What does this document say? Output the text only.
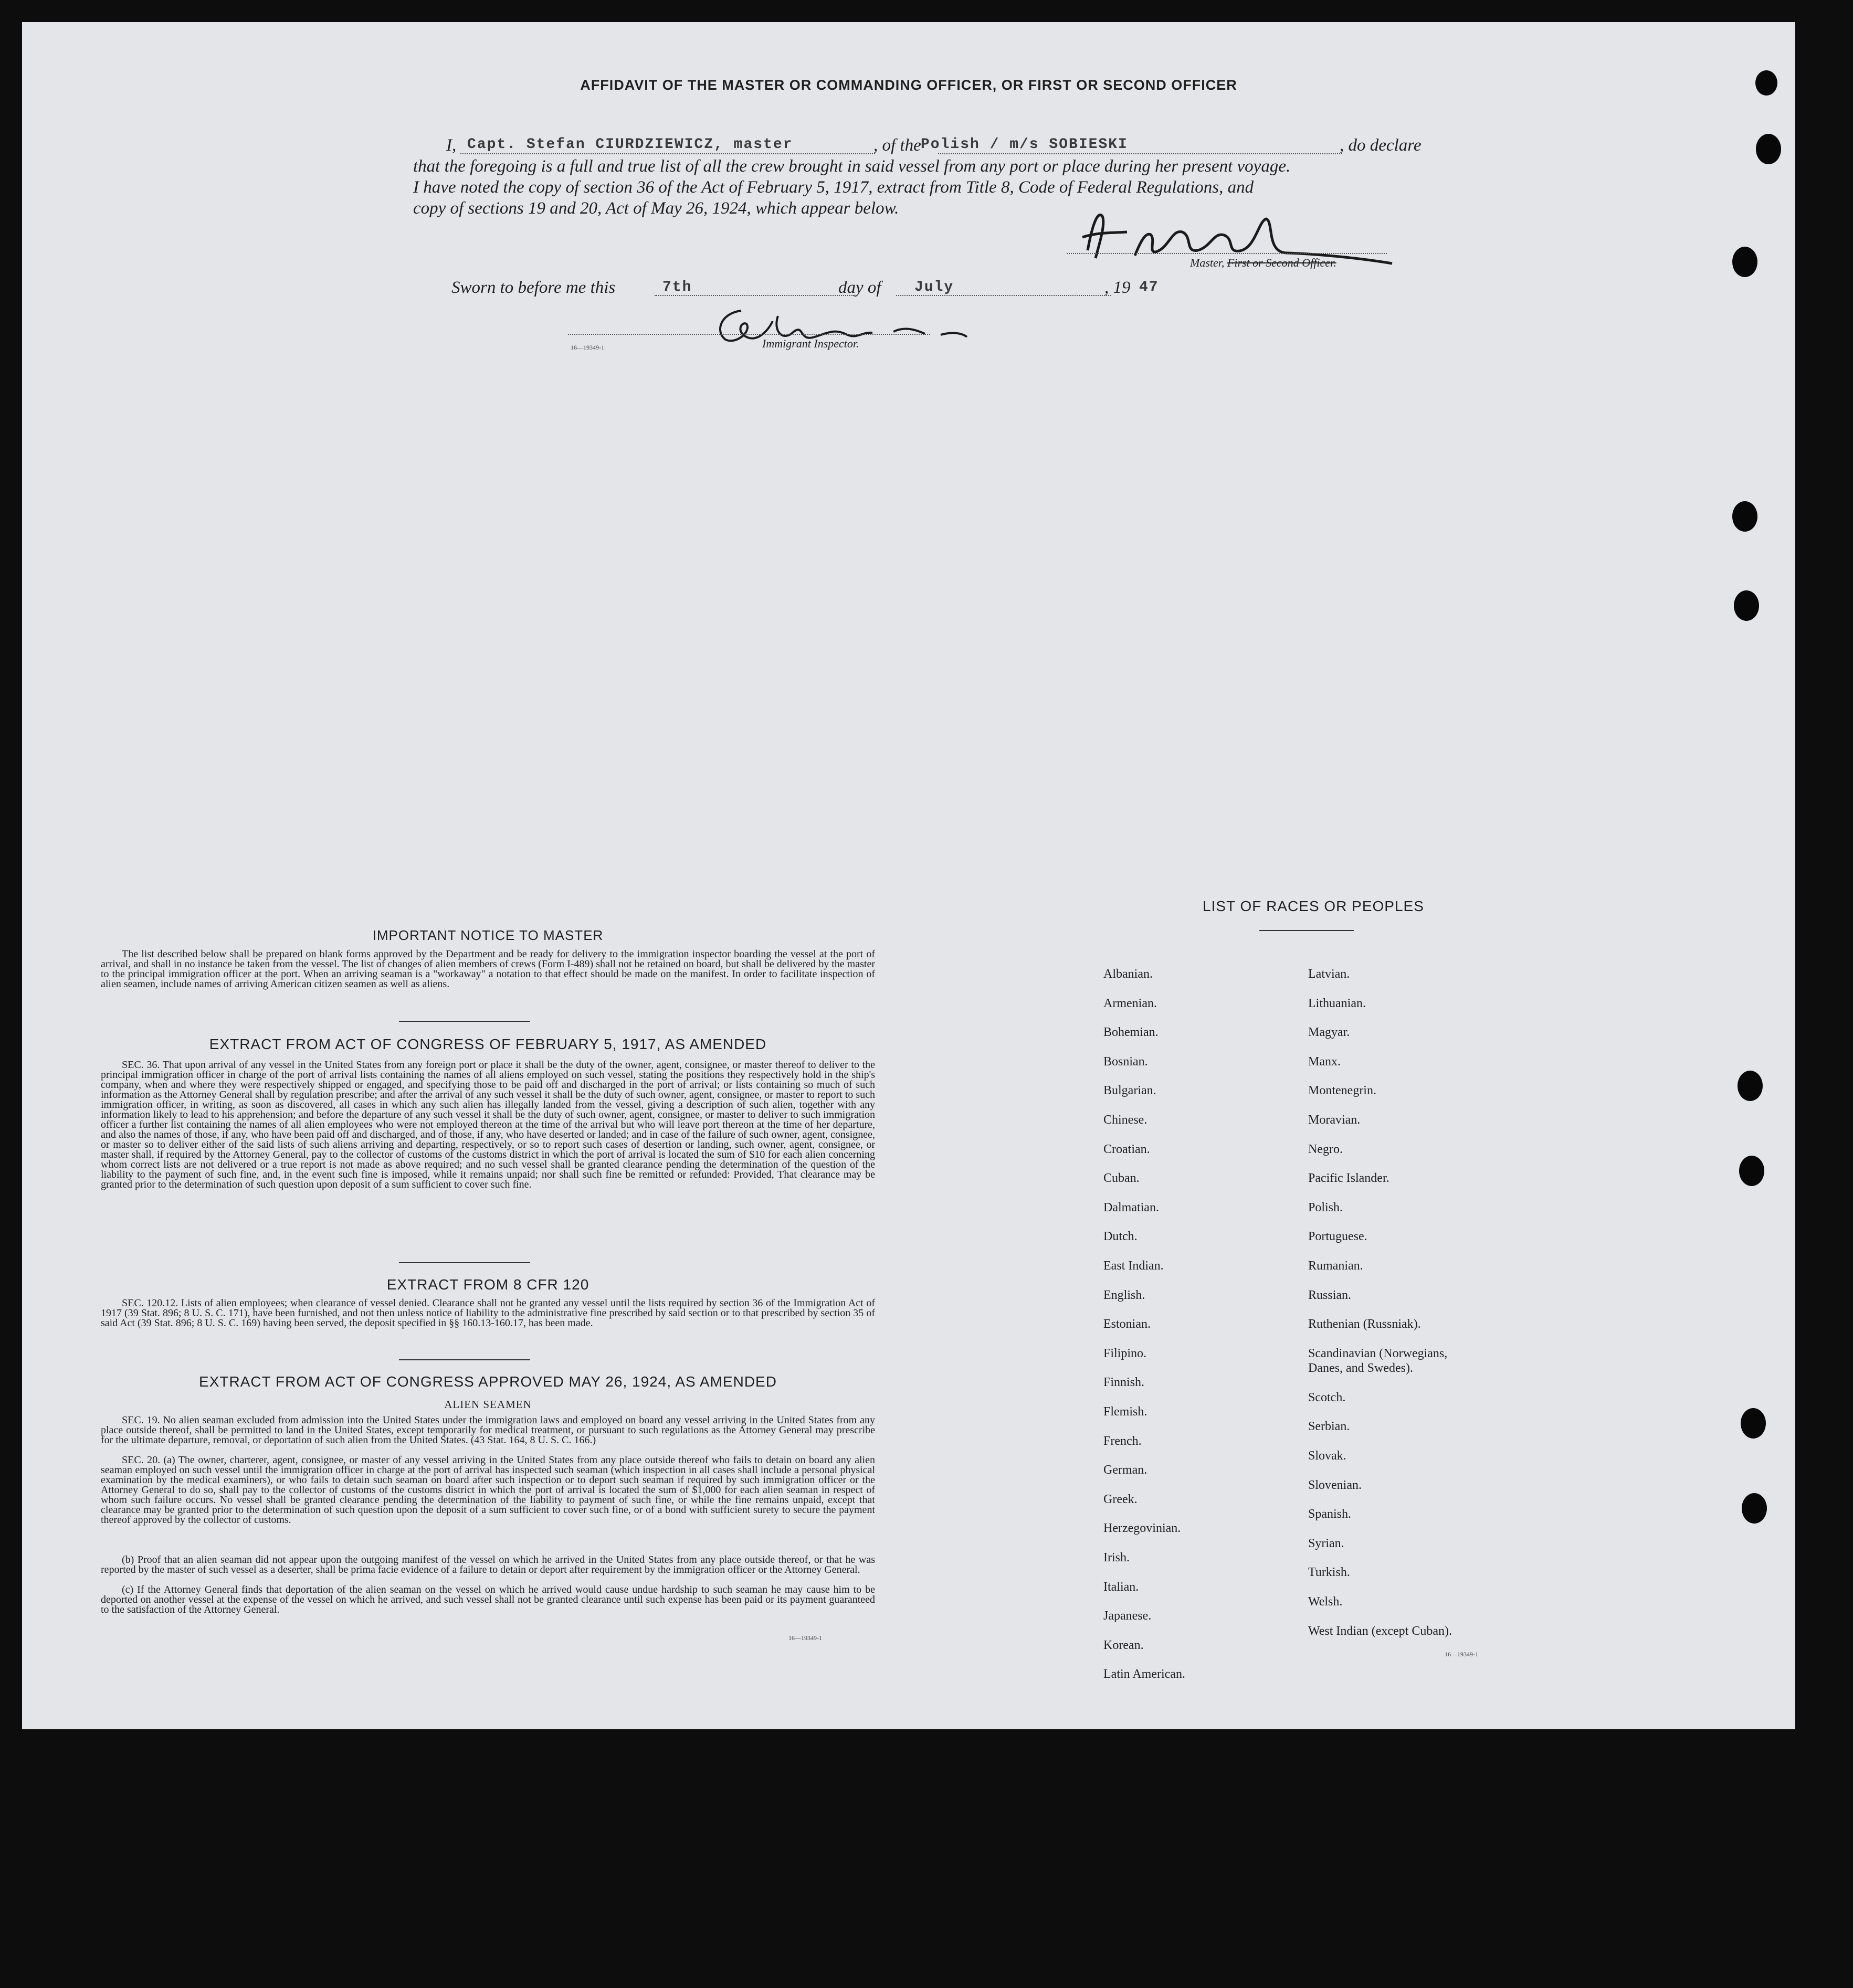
AFFIDAVIT OF THE MASTER OR COMMANDING OFFICER, OR FIRST OR SECOND OFFICER
I, Capt. Stefan CIURDZIEWICZ, master	, of the Polish / m/s SOBIESKI	, do declare
that the foregoing is a full and true list of all the crew brought in said vessel from any port or place during her present voyage.
I have noted the copy of section 36 of the Act of February 5, 1917, extract from Title 8, Code of Federal Regulations, and
copy of sections 19 and 20, Act of May 26, 1924, which appear below.
Master, First or Second Officer.
Sworn to before me this	7th	day of July	, 19 47
16—19349-1	Immigrant Inspector.
IMPORTANT NOTICE TO MASTER
The list described below shall be prepared on blank forms approved by the Department and be ready for delivery to the immigration inspector boarding the vessel at the port of arrival, and shall in no instance be taken from the vessel. The list of changes of alien members of crews (Form I-489) shall not be retained on board, but shall be delivered by the master to the principal immigration officer at the port. When an arriving seaman is a "workaway" a notation to that effect should be made on the manifest. In order to facilitate inspection of alien seamen, include names of arriving American citizen seamen as well as aliens.
EXTRACT FROM ACT OF CONGRESS OF FEBRUARY 5, 1917, AS AMENDED
SEC. 36. That upon arrival of any vessel in the United States from any foreign port or place it shall be the duty of the owner, agent, consignee, or master thereof to deliver to the principal immigration officer in charge of the port of arrival lists containing the names of all aliens employed on such vessel, stating the positions they respectively hold in the ship's company, when and where they were respectively shipped or engaged, and specifying those to be paid off and discharged in the port of arrival; or lists containing so much of such information as the Attorney General shall by regulation prescribe; and after the arrival of any such vessel it shall be the duty of such owner, agent, consignee, or master to report to such immigration officer, in writing, as soon as discovered, all cases in which any such alien has illegally landed from the vessel, giving a description of such alien, together with any information likely to lead to his apprehension; and before the departure of any such vessel it shall be the duty of such owner, agent, consignee, or master to deliver to such immigration officer a further list containing the names of all alien employees who were not employed thereon at the time of the arrival but who will leave port thereon at the time of her departure, and also the names of those, if any, who have been paid off and discharged, and of those, if any, who have deserted or landed; and in case of the failure of such owner, agent, consignee, or master so to deliver either of the said lists of such aliens arriving and departing, respectively, or so to report such cases of desertion or landing, such owner, agent, consignee, or master shall, if required by the Attorney General, pay to the collector of customs of the customs district in which the port of arrival is located the sum of $10 for each alien concerning whom correct lists are not delivered or a true report is not made as above required; and no such vessel shall be granted clearance pending the determination of the question of the liability to the payment of such fine, and, in the event such fine is imposed, while it remains unpaid; nor shall such fine be remitted or refunded: Provided, That clearance may be granted prior to the determination of such question upon deposit of a sum sufficient to cover such fine.
EXTRACT FROM 8 CFR 120
SEC. 120.12. Lists of alien employees; when clearance of vessel denied. Clearance shall not be granted any vessel until the lists required by section 36 of the Immigration Act of 1917 (39 Stat. 896; 8 U. S. C. 171), have been furnished, and not then unless notice of liability to the administrative fine prescribed by said section or to that prescribed by section 35 of said Act (39 Stat. 896; 8 U. S. C. 169) having been served, the deposit specified in §§ 160.13-160.17, has been made.
EXTRACT FROM ACT OF CONGRESS APPROVED MAY 26, 1924, AS AMENDED
ALIEN SEAMEN
SEC. 19. No alien seaman excluded from admission into the United States under the immigration laws and employed on board any vessel arriving in the United States from any place outside thereof, shall be permitted to land in the United States, except temporarily for medical treatment, or pursuant to such regulations as the Attorney General may prescribe for the ultimate departure, removal, or deportation of such alien from the United States. (43 Stat. 164, 8 U. S. C. 166.)
SEC. 20. (a) The owner, charterer, agent, consignee, or master of any vessel arriving in the United States from any place outside thereof who fails to detain on board any alien seaman employed on such vessel until the immigration officer in charge at the port of arrival has inspected such seaman (which inspection in all cases shall include a personal physical examination by the medical examiners), or who fails to detain such seaman on board after such inspection or to deport such seaman if required by such immigration officer or the Attorney General to do so, shall pay to the collector of customs of the customs district in which the port of arrival is located the sum of $1,000 for each alien seaman in respect of whom such failure occurs. No vessel shall be granted clearance pending the determination of the liability to payment of such fine, or while the fine remains unpaid, except that clearance may be granted prior to the determination of such question upon the deposit of a sum sufficient to cover such fine, or of a bond with sufficient surety to secure the payment thereof approved by the collector of customs.
(b) Proof that an alien seaman did not appear upon the outgoing manifest of the vessel on which he arrived in the United States from any place outside thereof, or that he was reported by the master of such vessel as a deserter, shall be prima facie evidence of a failure to detain or deport after requirement by the immigration officer or the Attorney General.
(c) If the Attorney General finds that deportation of the alien seaman on the vessel on which he arrived would cause undue hardship to such seaman he may cause him to be deported on another vessel at the expense of the vessel on which he arrived, and such vessel shall not be granted clearance until such expense has been paid or its payment guaranteed to the satisfaction of the Attorney General.
16—19349-1
LIST OF RACES OR PEOPLES
Albanian.
Armenian.
Bohemian.
Bosnian.
Bulgarian.
Chinese.
Croatian.
Cuban.
Dalmatian.
Dutch.
East Indian.
English.
Estonian.
Filipino.
Finnish.
Flemish.
French.
German.
Greek.
Herzegovinian.
Irish.
Italian.
Japanese.
Korean.
Latin American.
Latvian.
Lithuanian.
Magyar.
Manx.
Montenegrin.
Moravian.
Negro.
Pacific Islander.
Polish.
Portuguese.
Rumanian.
Russian.
Ruthenian (Russniak).
Scandinavian (Norwegians,
Danes, and Swedes).
Scotch.
Serbian.
Slovak.
Slovenian.
Spanish.
Syrian.
Turkish.
Welsh.
West Indian (except Cuban).
16—19349-1
